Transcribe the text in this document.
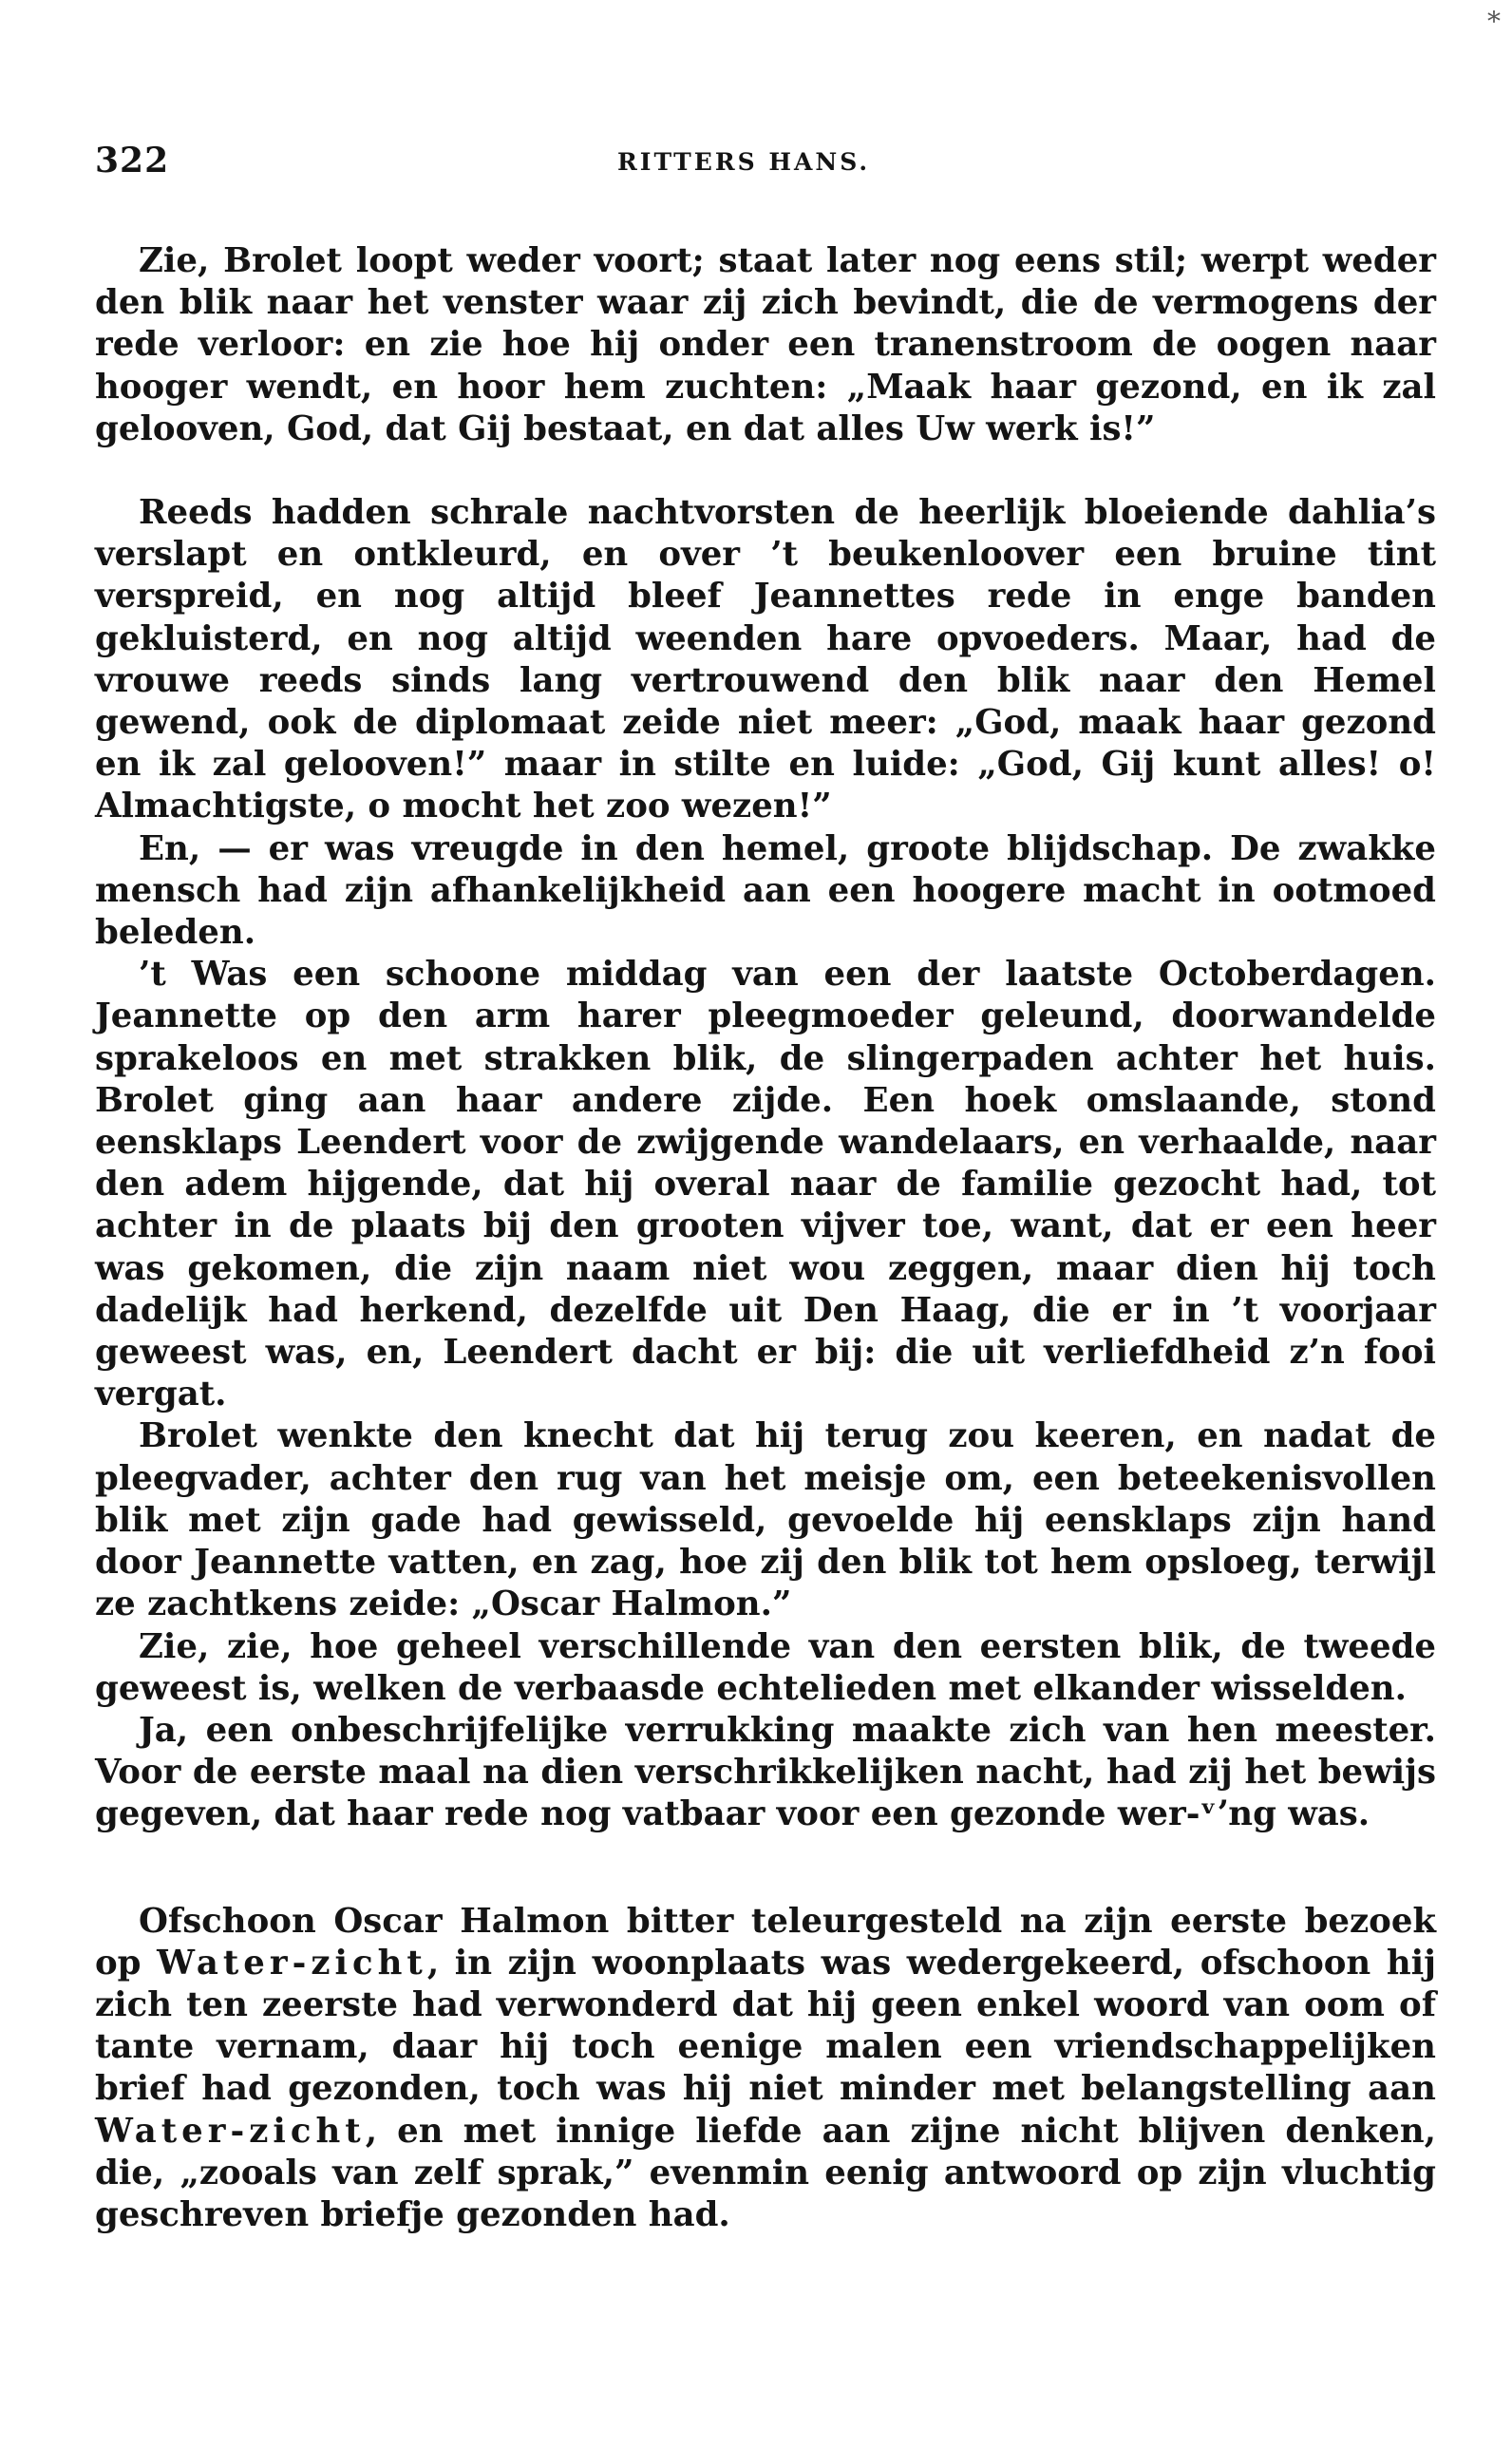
*
322	RITTERS HANS.

Zie, Brolet loopt weder voort; staat later nog eens stil; werpt weder den blik naar het venster waar zij zich bevindt, die de vermogens der rede verloor: en zie hoe hij onder een tranenstroom de oogen naar hooger wendt, en hoor hem zuchten: „Maak haar gezond, en ik zal gelooven, God, dat Gij bestaat, en dat alles Uw werk is!”

Reeds hadden schrale nachtvorsten de heerlijk bloeiende dahlia’s verslapt en ontkleurd, en over ’t beukenloover een bruine tint verspreid, en nog altijd bleef Jeannettes rede in enge banden gekluisterd, en nog altijd weenden hare opvoeders. Maar, had de vrouwe reeds sinds lang vertrouwend den blik naar den Hemel gewend, ook de diplomaat zeide niet meer: „God, maak haar gezond en ik zal gelooven!” maar in stilte en luide: „God, Gij kunt alles! o! Almachtigste, o mocht het zoo wezen!”

En, — er was vreugde in den hemel, groote blijdschap. De zwakke mensch had zijn afhankelijkheid aan een hoogere macht in ootmoed beleden.

’t Was een schoone middag van een der laatste Octoberdagen. Jeannette op den arm harer pleegmoeder geleund, doorwandelde sprakeloos en met strakken blik, de slingerpaden achter het huis. Brolet ging aan haar andere zijde. Een hoek omslaande, stond eensklaps Leendert voor de zwijgende wandelaars, en verhaalde, naar den adem hijgende, dat hij overal naar de familie gezocht had, tot achter in de plaats bij den grooten vijver toe, want, dat er een heer was gekomen, die zijn naam niet wou zeggen, maar dien hij toch dadelijk had herkend, dezelfde uit Den Haag, die er in ’t voorjaar geweest was, en, Leendert dacht er bij: die uit verliefdheid z’n fooi vergat.

Brolet wenkte den knecht dat hij terug zou keeren, en nadat de pleegvader, achter den rug van het meisje om, een beteekenisvollen blik met zijn gade had gewisseld, gevoelde hij eensklaps zijn hand door Jeannette vatten, en zag, hoe zij den blik tot hem opsloeg, terwijl ze zachtkens zeide: „Oscar Halmon.”

Zie, zie, hoe geheel verschillende van den eersten blik, de tweede geweest is, welken de verbaasde echtelieden met elkander wisselden.

Ja, een onbeschrijfelijke verrukking maakte zich van hen meester. Voor de eerste maal na dien verschrikkelijken nacht, had zij het bewijs gegeven, dat haar rede nog vatbaar voor een gezonde wer-ᵛʼng was.

Ofschoon Oscar Halmon bitter teleurgesteld na zijn eerste bezoek op Water-zicht, in zijn woonplaats was wedergekeerd, ofschoon hij zich ten zeerste had verwonderd dat hij geen enkel woord van oom of tante vernam, daar hij toch eenige malen een vriendschappelijken brief had gezonden, toch was hij niet minder met belangstelling aan Water-zicht, en met innige liefde aan zijne nicht blijven denken, die, „zooals van zelf sprak,” evenmin eenig antwoord op zijn vluchtig geschreven briefje gezonden had.
